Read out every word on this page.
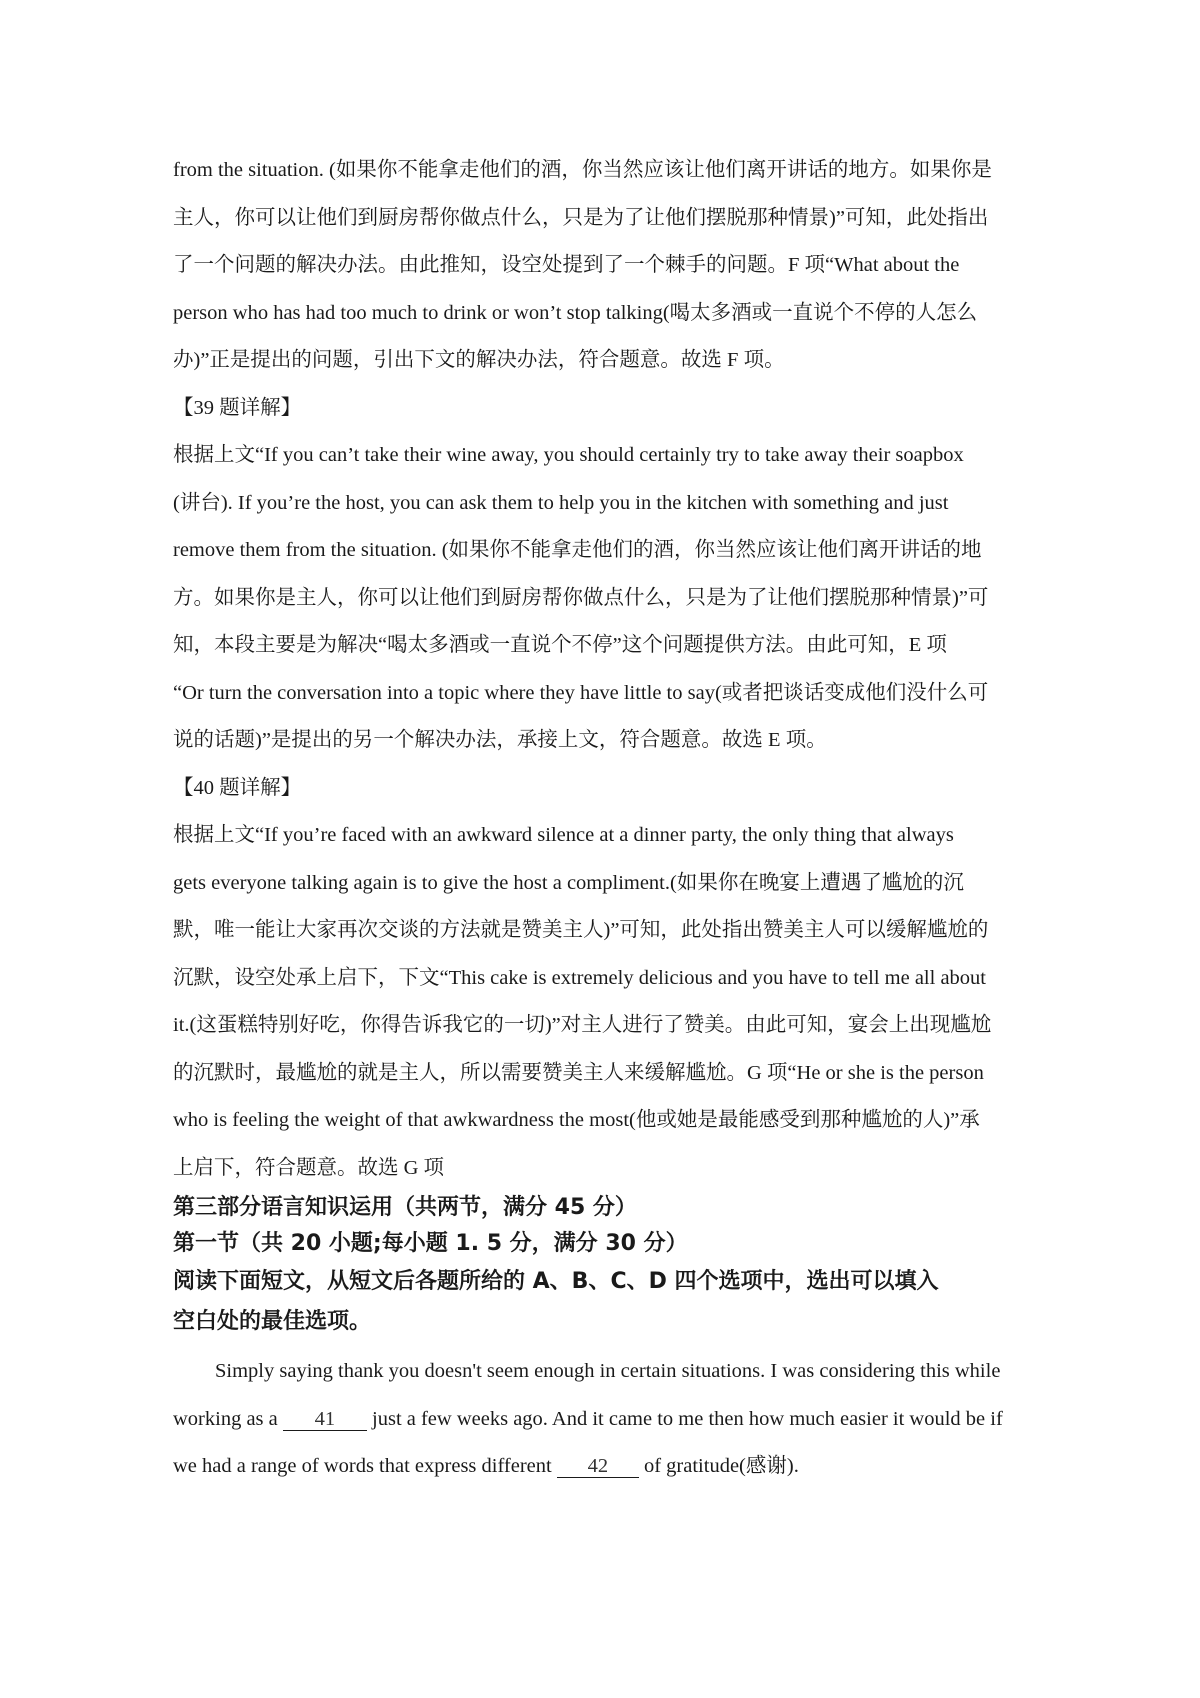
from the situation. (如果你不能拿走他们的酒，你当然应该让他们离开讲话的地方。如果你是
主人，你可以让他们到厨房帮你做点什么，只是为了让他们摆脱那种情景)”可知，此处指出
了一个问题的解决办法。由此推知，设空处提到了一个棘手的问题。F 项“What about the
person who has had too much to drink or won’t stop talking(喝太多酒或一直说个不停的人怎么
办)”正是提出的问题，引出下文的解决办法，符合题意。故选 F 项。
【39 题详解】
根据上文“If you can’t take their wine away, you should certainly try to take away their soapbox
(讲台). If you’re the host, you can ask them to help you in the kitchen with something and just
remove them from the situation. (如果你不能拿走他们的酒，你当然应该让他们离开讲话的地
方。如果你是主人，你可以让他们到厨房帮你做点什么，只是为了让他们摆脱那种情景)”可
知，本段主要是为解决“喝太多酒或一直说个不停”这个问题提供方法。由此可知，E 项
“Or turn the conversation into a topic where they have little to say(或者把谈话变成他们没什么可
说的话题)”是提出的另一个解决办法，承接上文，符合题意。故选 E 项。
【40 题详解】
根据上文“If you’re faced with an awkward silence at a dinner party, the only thing that always
gets everyone talking again is to give the host a compliment.(如果你在晚宴上遭遇了尴尬的沉
默，唯一能让大家再次交谈的方法就是赞美主人)”可知，此处指出赞美主人可以缓解尴尬的
沉默，设空处承上启下，下文“This cake is extremely delicious and you have to tell me all about
it.(这蛋糕特别好吃，你得告诉我它的一切)”对主人进行了赞美。由此可知，宴会上出现尴尬
的沉默时，最尴尬的就是主人，所以需要赞美主人来缓解尴尬。G 项“He or she is the person
who is feeling the weight of that awkwardness the most(他或她是最能感受到那种尴尬的人)”承
上启下，符合题意。故选 G 项
第三部分语言知识运用（共两节，满分 45 分）
第一节（共 20 小题;每小题 1. 5 分，满分 30 分）
阅读下面短文，从短文后各题所给的 A、B、C、D 四个选项中，选出可以填入
空白处的最佳选项。
Simply saying thank you doesn't seem enough in certain situations. I was considering this while
working as a 41 just a few weeks ago. And it came to me then how much easier it would be if
we had a range of words that express different 42 of gratitude(感谢).
